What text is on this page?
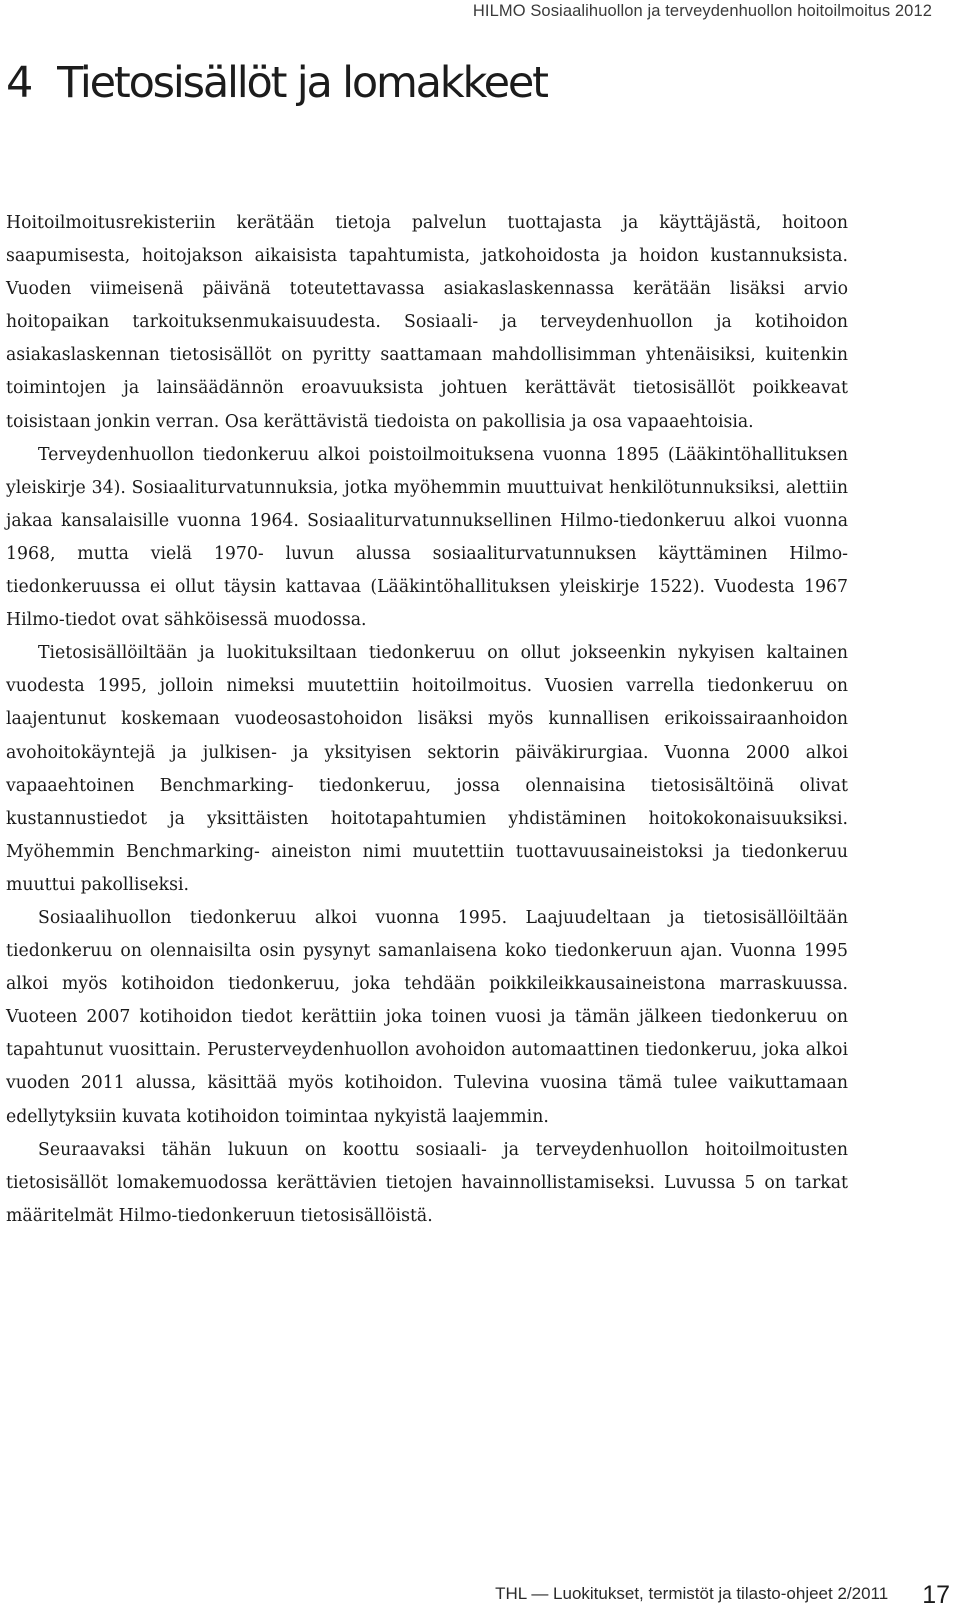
HILMO Sosiaalihuollon ja terveydenhuollon hoitoilmoitus 2012
4 Tietosisällöt ja lomakkeet

Hoitoilmoitusrekisteriin kerätään tietoja palvelun tuottajasta ja käyttäjästä, hoitoon saapumisesta, hoitojakson aikaisista tapahtumista, jatkohoidosta ja hoidon kustannuksista. Vuoden viimeisenä päivänä toteutettavassa asiakaslaskennassa kerätään lisäksi arvio hoitopaikan tarkoituksenmukaisuudesta. Sosiaali- ja terveydenhuollon ja kotihoidon asiakaslaskennan tietosisällöt on pyritty saattamaan mahdollisimman yhtenäisiksi, kuitenkin toimintojen ja lainsäädännön eroavuuksista johtuen kerättävät tietosisällöt poikkeavat toisistaan jonkin verran. Osa kerättävistä tiedoista on pakollisia ja osa vapaaehtoisia.

Terveydenhuollon tiedonkeruu alkoi poistoilmoituksena vuonna 1895 (Lääkintöhallituksen yleiskirje 34). Sosiaaliturvatunnuksia, jotka myöhemmin muuttuivat henkilötunnuksiksi, alettiin jakaa kansalaisille vuonna 1964. Sosiaaliturvatunnuksellinen Hilmo-tiedonkeruu alkoi vuonna 1968, mutta vielä 1970- luvun alussa sosiaaliturvatunnuksen käyttäminen Hilmo-tiedonkeruussa ei ollut täysin kattavaa (Lääkintöhallituksen yleiskirje 1522). Vuodesta 1967 Hilmo-tiedot ovat sähköisessä muodossa.

Tietosisällöiltään ja luokituksiltaan tiedonkeruu on ollut jokseenkin nykyisen kaltainen vuodesta 1995, jolloin nimeksi muutettiin hoitoilmoitus. Vuosien varrella tiedonkeruu on laajentunut koskemaan vuodeosastohoidon lisäksi myös kunnallisen erikoissairaanhoidon avohoitokäyntejä ja julkisen- ja yksityisen sektorin päiväkirurgiaa. Vuonna 2000 alkoi vapaaehtoinen Benchmarking- tiedonkeruu, jossa olennaisina tietosisältöinä olivat kustannustiedot ja yksittäisten hoitotapahtumien yhdistäminen hoitokokonaisuuksiksi. Myöhemmin Benchmarking- aineiston nimi muutettiin tuottavuusaineistoksi ja tiedonkeruu muuttui pakolliseksi.

Sosiaalihuollon tiedonkeruu alkoi vuonna 1995. Laajuudeltaan ja tietosisällöiltään tiedonkeruu on olennaisilta osin pysynyt samanlaisena koko tiedonkeruun ajan. Vuonna 1995 alkoi myös kotihoidon tiedonkeruu, joka tehdään poikkileikkausaineistona marraskuussa. Vuoteen 2007 kotihoidon tiedot kerättiin joka toinen vuosi ja tämän jälkeen tiedonkeruu on tapahtunut vuosittain. Perusterveydenhuollon avohoidon automaattinen tiedonkeruu, joka alkoi vuoden 2011 alussa, käsittää myös kotihoidon. Tulevina vuosina tämä tulee vaikuttamaan edellytyksiin kuvata kotihoidon toimintaa nykyistä laajemmin.

Seuraavaksi tähän lukuun on koottu sosiaali- ja terveydenhuollon hoitoilmoitusten tietosisällöt lomakemuodossa kerättävien tietojen havainnollistamiseksi. Luvussa 5 on tarkat määritelmät Hilmo-tiedonkeruun tietosisällöistä.

THL — Luokitukset, termistöt ja tilasto-ohjeet 2/2011 17
